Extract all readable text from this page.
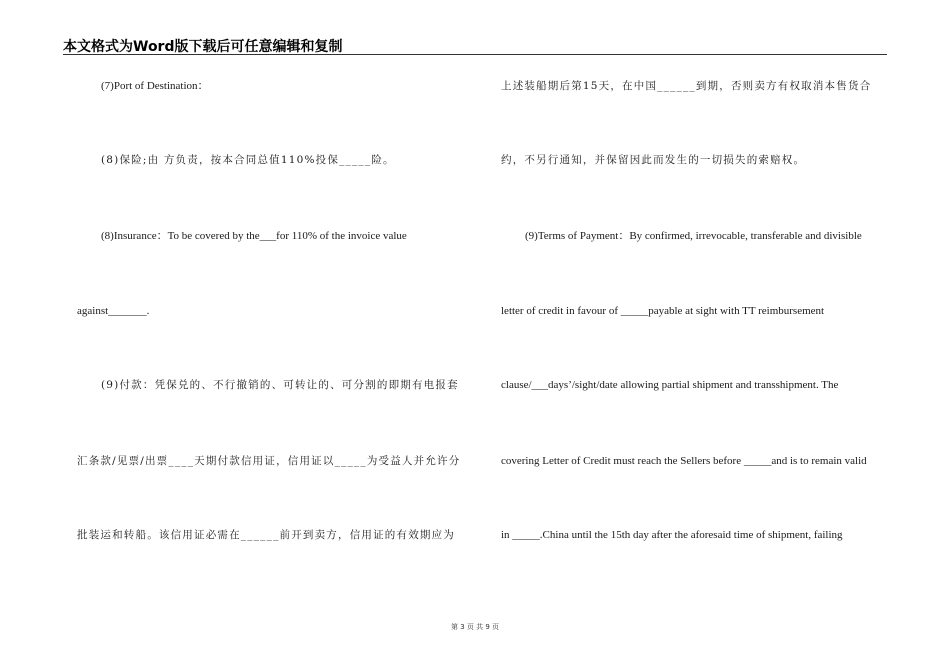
本文格式为Word版下载后可任意编辑和复制
(7)Port of Destination：
(8)保险;由 方负责，按本合同总值110%投保_____险。
(8)Insurance：To be covered by the___for 110% of the invoice value
against_______.
(9)付款：凭保兑的、不行撤销的、可转让的、可分割的即期有电报套
汇条款/见票/出票____天期付款信用证，信用证以_____为受益人并允许分
批装运和转船。该信用证必需在______前开到卖方，信用证的有效期应为
上述装船期后第15天，在中国______到期，否则卖方有权取消本售货合
约，不另行通知，并保留因此而发生的一切损失的索赔权。
(9)Terms of Payment：By confirmed, irrevocable, transferable and divisible
letter of credit in favour of _____payable at sight with TT reimbursement
clause/___days’/sight/date allowing partial shipment and transshipment. The
covering Letter of Credit must reach the Sellers before _____and is to remain valid
in _____.China until the 15th day after the aforesaid time of shipment, failing
第 3 页 共 9 页
